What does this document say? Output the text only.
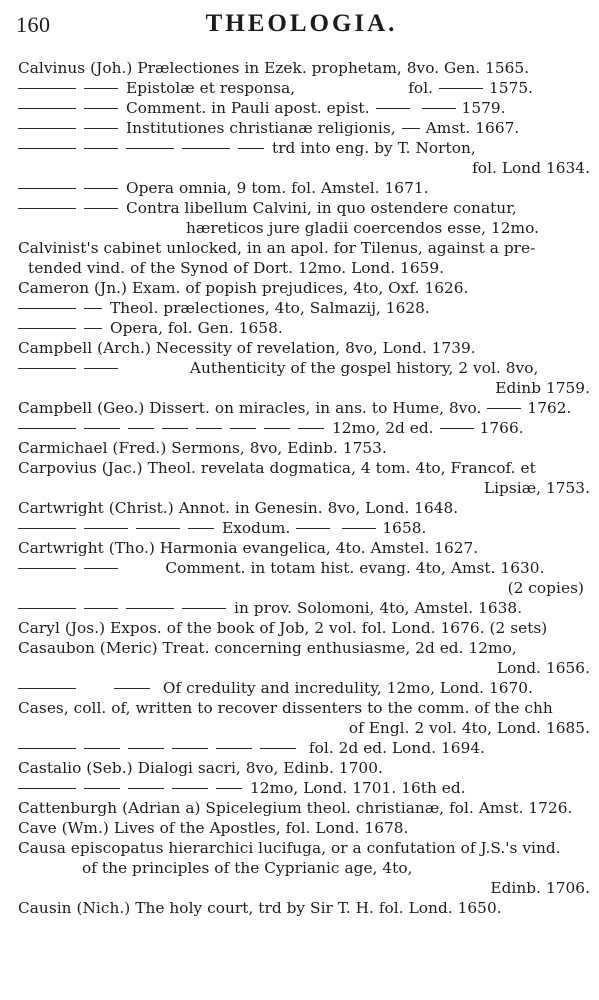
160	THEOLOGIA.
Calvinus (Joh.) Prælectiones in Ezek. prophetam, 8vo. Gen. 1565.
Epistolæ et responsa,	fol.	1575.
Comment. in Pauli apost. epist.	1579.
Institutiones christianæ religionis, Amst. 1667.
trd into eng. by T. Norton,
fol. Lond 1634.
Opera omnia, 9 tom. fol. Amstel. 1671.
Contra libellum Calvini, in quo ostendere conatur,
hæreticos jure gladii coercendos esse, 12mo.
Calvinist's cabinet unlocked, in an apol. for Tilenus, against a pre-
tended vind. of the Synod of Dort. 12mo. Lond. 1659.
Cameron (Jn.) Exam. of popish prejudices, 4to, Oxf. 1626.
Theol. prælectiones, 4to, Salmazij, 1628.
Opera, fol. Gen. 1658.
Campbell (Arch.) Necessity of revelation, 8vo, Lond. 1739.
Authenticity of the gospel history, 2 vol. 8vo,
Edinb 1759.
Campbell (Geo.) Dissert. on miracles, in ans. to Hume, 8vo.	1762.
12mo, 2d ed.	1766.
Carmichael (Fred.) Sermons, 8vo, Edinb. 1753.
Carpovius (Jac.) Theol. revelata dogmatica, 4 tom. 4to, Francof. et
Lipsiæ, 1753.
Cartwright (Christ.) Annot. in Genesin. 8vo, Lond. 1648.
Exodum.	1658.
Cartwright (Tho.) Harmonia evangelica, 4to. Amstel. 1627.
Comment. in totam hist. evang. 4to, Amst. 1630.
(2 copies)
in prov. Solomoni, 4to, Amstel. 1638.
Caryl (Jos.) Expos. of the book of Job, 2 vol. fol. Lond. 1676. (2 sets)
Casaubon (Meric) Treat. concerning enthusiasme, 2d ed. 12mo,
Lond. 1656.
Of credulity and incredulity, 12mo, Lond. 1670.
Cases, coll. of, written to recover dissenters to the comm. of the chh
of Engl. 2 vol. 4to, Lond. 1685.
fol. 2d ed. Lond. 1694.
Castalio (Seb.) Dialogi sacri, 8vo, Edinb. 1700.
12mo, Lond. 1701. 16th ed.
Cattenburgh (Adrian a) Spicelegium theol. christianæ, fol. Amst. 1726.
Cave (Wm.) Lives of the Apostles, fol. Lond. 1678.
Causa episcopatus hierarchici lucifuga, or a confutation of J.S.'s vind.
of the principles of the Cyprianic age, 4to,
Edinb. 1706.
Causin (Nich.) The holy court, trd by Sir T. H. fol. Lond. 1650.
